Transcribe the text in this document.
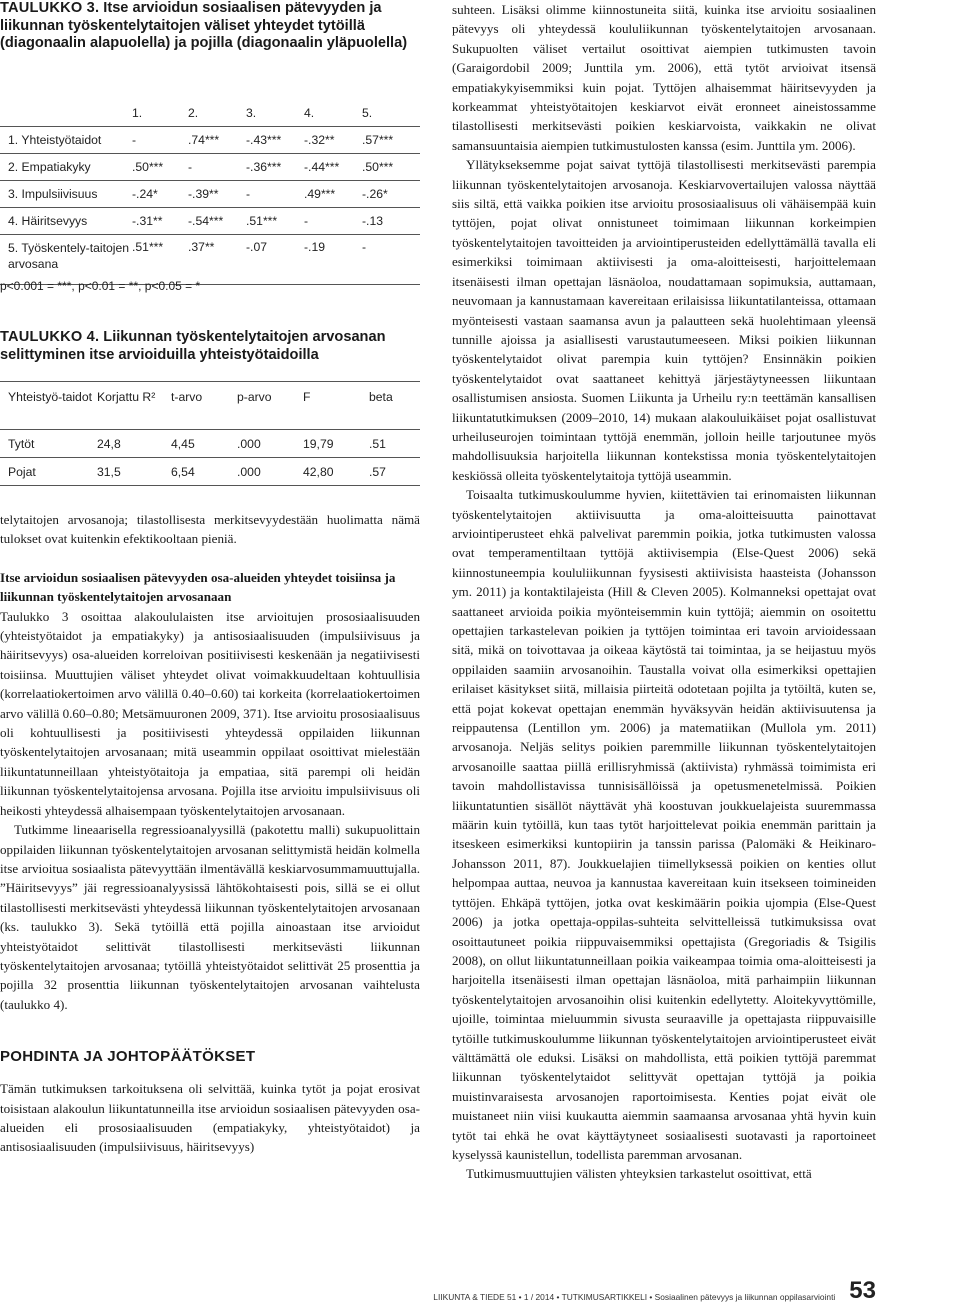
TAULUKKO 3. Itse arvioidun sosiaalisen pätevyyden ja liikunnan työskentelytaitojen väliset yhteydet tytöillä (diagonaalin alapuolella) ja pojilla (diagonaalin yläpuolella)

	1.	2.	3.	4.	5.
1. Yhteistyötaidot	-	.74***	-.43***	-.32**	.57***
2. Empatiakyky	.50***	-	-.36***	-.44***	.50***
3. Impulsiivisuus	-.24*	-.39**	-	.49***	-.26*
4. Häiritsevyys	-.31**	-.54***	.51***	-	-.13
5. Työskentely-taitojen arvosana	.51***	.37**	-.07	-.19	-
p<0.001 = ***, p<0.01 = **, p<0.05 = *

TAULUKKO 4. Liikunnan työskentelytaitojen arvosanan selittyminen itse arvioiduilla yhteistyötaidoilla

Yhteistyö-taidot	Korjattu R²	t-arvo	p-arvo	F	beta
Tytöt	24,8	4,45	.000	19,79	.51
Pojat	31,5	6,54	.000	42,80	.57

telytaitojen arvosanoja; tilastollisesta merkitsevyydestään huolimatta nämä tulokset ovat kuitenkin efektikooltaan pieniä.

Itse arvioidun sosiaalisen pätevyyden osa-alueiden yhteydet toisiinsa ja liikunnan työskentelytaitojen arvosanaan

Taulukko 3 osoittaa alakoululaisten itse arvioitujen prososiaalisuuden (yhteistyötaidot ja empatiakyky) ja antisosiaalisuuden (impulsiivisuus ja häiritsevyys) osa-alueiden korreloivan positiivisesti keskenään ja negatiivisesti toisiinsa. Muuttujien väliset yhteydet olivat voimakkuudeltaan kohtuullisia (korrelaatiokertoimen arvo välillä 0.40–0.60) tai korkeita (korrelaatiokertoimen arvo välillä 0.60–0.80; Metsämuuronen 2009, 371). Itse arvioitu prososiaalisuus oli kohtuullisesti ja positiivisesti yhteydessä oppilaiden liikunnan työskentelytaitojen arvosanaan; mitä useammin oppilaat osoittivat mielestään liikuntatunneillaan yhteistyötaitoja ja empatiaa, sitä parempi oli heidän liikunnan työskentelytaitojensa arvosana. Pojilla itse arvioitu impulsiivisuus oli heikosti yhteydessä alhaisempaan työskentelytaitojen arvosanaan.

Tutkimme lineaarisella regressioanalyysillä (pakotettu malli) sukupuolittain oppilaiden liikunnan työskentelytaitojen arvosanan selittymistä heidän kolmella itse arvioitua sosiaalista pätevyyttään ilmentävällä keskiarvosummamuuttujalla. ”Häiritsevyys” jäi regressioanalyysissä lähtökohtaisesti pois, sillä se ei ollut tilastollisesti merkitsevästi yhteydessä liikunnan työskentelytaitojen arvosanaan (ks. taulukko 3). Sekä tytöillä että pojilla ainoastaan itse arvioidut yhteistyötaidot selittivät tilastollisesti merkitsevästi liikunnan työskentelytaitojen arvosanaa; tytöillä yhteistyötaidot selittivät 25 prosenttia ja pojilla 32 prosenttia liikunnan työskentelytaitojen arvosanan vaihtelusta (taulukko 4).

POHDINTA JA JOHTOPÄÄTÖKSET

Tämän tutkimuksen tarkoituksena oli selvittää, kuinka tytöt ja pojat erosivat toisistaan alakoulun liikuntatunneilla itse arvioidun sosiaalisen pätevyyden osa-alueiden eli prososiaalisuuden (empatiakyky, yhteistyötaidot) ja antisosiaalisuuden (impulsiivisuus, häiritsevyys)

suhteen. Lisäksi olimme kiinnostuneita siitä, kuinka itse arvioitu sosiaalinen pätevyys oli yhteydessä koululiikunnan työskentelytaitojen arvosanaan. Sukupuolten väliset vertailut osoittivat aiempien tutkimusten tavoin (Garaigordobil 2009; Junttila ym. 2006), että tytöt arvioivat itsensä empatiakykyisemmiksi kuin pojat. Tyttöjen alhaisemmat häiritsevyyden ja korkeammat yhteistyötaitojen keskiarvot eivät eronneet aineistossamme tilastollisesti merkitsevästi poikien keskiarvoista, vaikkakin ne olivat samansuuntaisia aiempien tutkimustulosten kanssa (esim. Junttila ym. 2006).

Yllätykseksemme pojat saivat tyttöjä tilastollisesti merkitsevästi parempia liikunnan työskentelytaitojen arvosanoja. Keskiarvovertailujen valossa näyttää siis siltä, että vaikka poikien itse arvioitu prososiaalisuus oli vähäisempää kuin tyttöjen, pojat olivat onnistuneet toimimaan liikunnan korkeimpien työskentelytaitojen tavoitteiden ja arviointiperusteiden edellyttämällä tavalla eli esimerkiksi toimimaan aktiivisesti ja oma-aloitteisesti, harjoittelemaan itsenäisesti ilman opettajan läsnäoloa, noudattamaan sopimuksia, auttamaan, neuvomaan ja kannustamaan kavereitaan erilaisissa liikuntatilanteissa, ottamaan myönteisesti vastaan saamansa avun ja palautteen sekä huolehtimaan yleensä tunnille ajoissa ja asiallisesti varustautumeeseen. Miksi poikien liikunnan työskentelytaidot olivat parempia kuin tyttöjen? Ensinnäkin poikien työskentelytaidot ovat saattaneet kehittyä järjestäytyneessen liikuntaan osallistumisen ansiosta. Suomen Liikunta ja Urheilu ry:n teettämän kansallisen liikuntatutkimuksen (2009–2010, 14) mukaan alakouluikäiset pojat osallistuvat urheiluseurojen toimintaan tyttöjä enemmän, jolloin heille tarjoutunee myös mahdollisuuksia harjoitella liikunnan kontekstissa monia työskentelytaitojen keskiössä olleita työskentelytaitoja tyttöjä useammin.

Toisaalta tutkimuskoulumme hyvien, kiitettävien tai erinomaisten liikunnan työskentelytaitojen aktiivisuutta ja oma-aloitteisuutta painottavat arviointiperusteet ehkä palvelivat paremmin poikia, jotka tutkimusten valossa ovat temperamentiltaan tyttöjä aktiivisempia (Else-Quest 2006) sekä kiinnostuneempia koululiikunnan fyysisesti aktiivisista haasteista (Johansson ym. 2011) ja kontaktilajeista (Hill & Cleven 2005). Kolmanneksi opettajat ovat saattaneet arvioida poikia myönteisemmin kuin tyttöjä; aiemmin on osoitettu opettajien tarkastelevan poikien ja tyttöjen toimintaa eri tavoin arvioidessaan sitä, mikä on toivottavaa ja oikeaa käytöstä tai toimintaa, ja se heijastuu myös oppilaiden saamiin arvosanoihin. Taustalla voivat olla esimerkiksi opettajien erilaiset käsitykset siitä, millaisia piirteitä odotetaan pojilta ja tytöiltä, kuten se, että pojat kokevat opettajan enemmän hyväksyvän heidän aktiivisuutensa ja reippautensa (Lentillon ym. 2006) ja matematiikan (Mullola ym. 2011) arvosanoja. Neljäs selitys poikien paremmille liikunnan työskentelytaitojen arvosanoille saattaa piillä erillisryhmissä (aktiivista) ryhmässä toimimista eri tavoin mahdollistavissa tunnisisällöissä ja opetusmenetelmissä. Poikien liikuntatuntien sisällöt näyttävät yhä koostuvan joukkuelajeista suuremmassa määrin kuin tytöillä, kun taas tytöt harjoittelevat poikia enemmän parittain ja itseskeen esimerkiksi kuntopiirin ja tanssin parissa (Palomäki & Heikinaro-Johansson 2011, 87). Joukkuelajien tiimellyksessä poikien on kenties ollut helpompaa auttaa, neuvoa ja kannustaa kavereitaan kuin itsekseen toimineiden tyttöjen. Ehkäpä tyttöjen, jotka ovat keskimäärin poikia ujompia (Else-Quest 2006) ja jotka opettaja-oppilas-suhteita selvittelleissä tutkimuksissa ovat osoittautuneet poikia riippuvaisemmiksi opettajista (Gregoriadis & Tsigilis 2008), on ollut liikuntatunneillaan poikia vaikeampaa toimia oma-aloitteisesti ja harjoitella itsenäisesti ilman opettajan läsnäoloa, mitä parhaimpiin liikunnan työskentelytaitojen arvosanoihin olisi kuitenkin edellytetty. Aloitekyvyttömille, ujoille, toimintaa mieluummin sivusta seuraaville ja opettajasta riippuvaisille tytöille tutkimuskoulumme liikunnan työskentelytaitojen arviointiperusteet eivät välttämättä ole eduksi. Lisäksi on mahdollista, että poikien tyttöjä paremmat liikunnan työskentelytaidot selittyvät opettajan tyttöjä ja poikia muistinvaraisesta arvosanojen raportoimisesta. Kenties pojat eivät ole muistaneet niin viisi kuukautta aiemmin saamaansa arvosanaa yhtä hyvin kuin tytöt tai ehkä he ovat käyttäytyneet sosiaalisesti suotavasti ja raportoineet kyselyssä kaunistellun, todellista paremman arvosanan.

Tutkimusmuuttujien välisten yhteyksien tarkastelut osoittivat, että

LIIKUNTA & TIEDE 51 • 1 / 2014 • TUTKIMUSARTIKKELI • Sosiaalinen pätevyys ja liikunnan oppilasarviointi 53
